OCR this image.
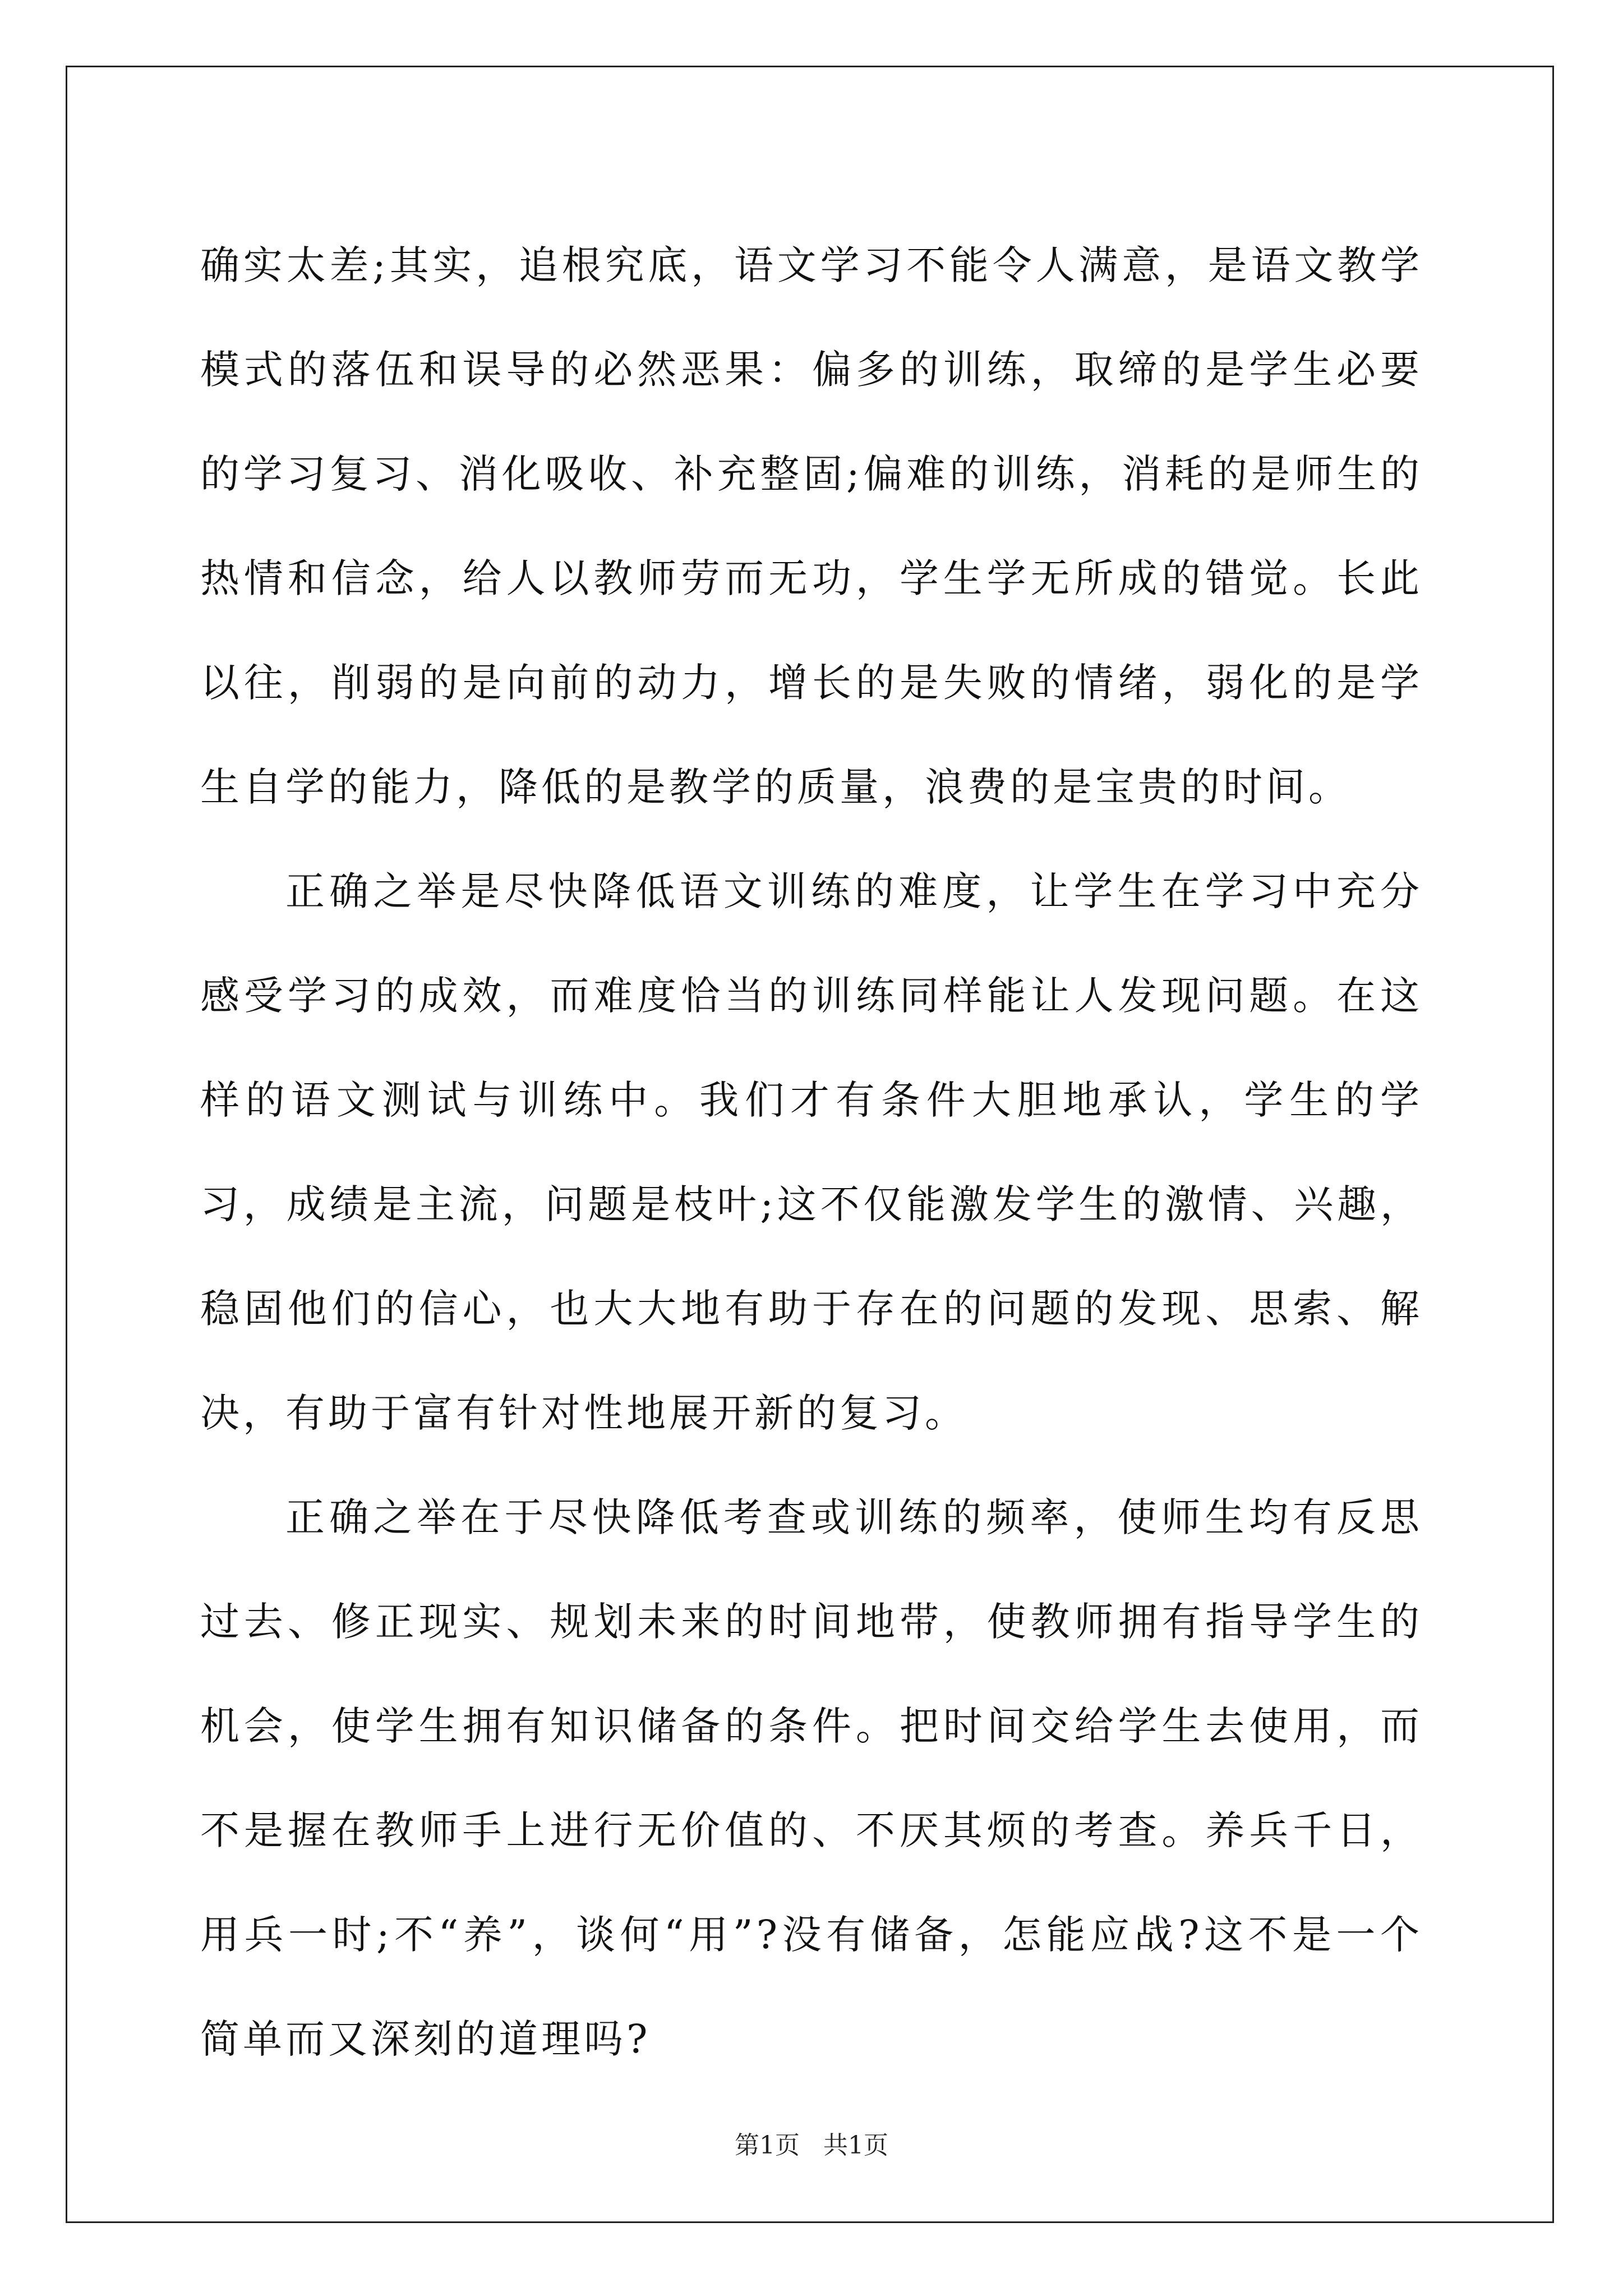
确实太差;其实，追根究底，语文学习不能令人满意，是语文教学模式的落伍和误导的必然恶果：偏多的训练，取缔的是学生必要的学习复习、消化吸收、补充整固;偏难的训练，消耗的是师生的热情和信念，给人以教师劳而无功，学生学无所成的错觉。长此以往，削弱的是向前的动力，增长的是失败的情绪，弱化的是学生自学的能力，降低的是教学的质量，浪费的是宝贵的时间。

正确之举是尽快降低语文训练的难度，让学生在学习中充分感受学习的成效，而难度恰当的训练同样能让人发现问题。在这样的语文测试与训练中。我们才有条件大胆地承认，学生的学习，成绩是主流，问题是枝叶;这不仅能激发学生的激情、兴趣，稳固他们的信心，也大大地有助于存在的问题的发现、思索、解决，有助于富有针对性地展开新的复习。

正确之举在于尽快降低考查或训练的频率，使师生均有反思过去、修正现实、规划未来的时间地带，使教师拥有指导学生的机会，使学生拥有知识储备的条件。把时间交给学生去使用，而不是握在教师手上进行无价值的、不厌其烦的考查。养兵千日，用兵一时;不“养”，谈何“用”?没有储备，怎能应战?这不是一个简单而又深刻的道理吗?

第1页   共1页
